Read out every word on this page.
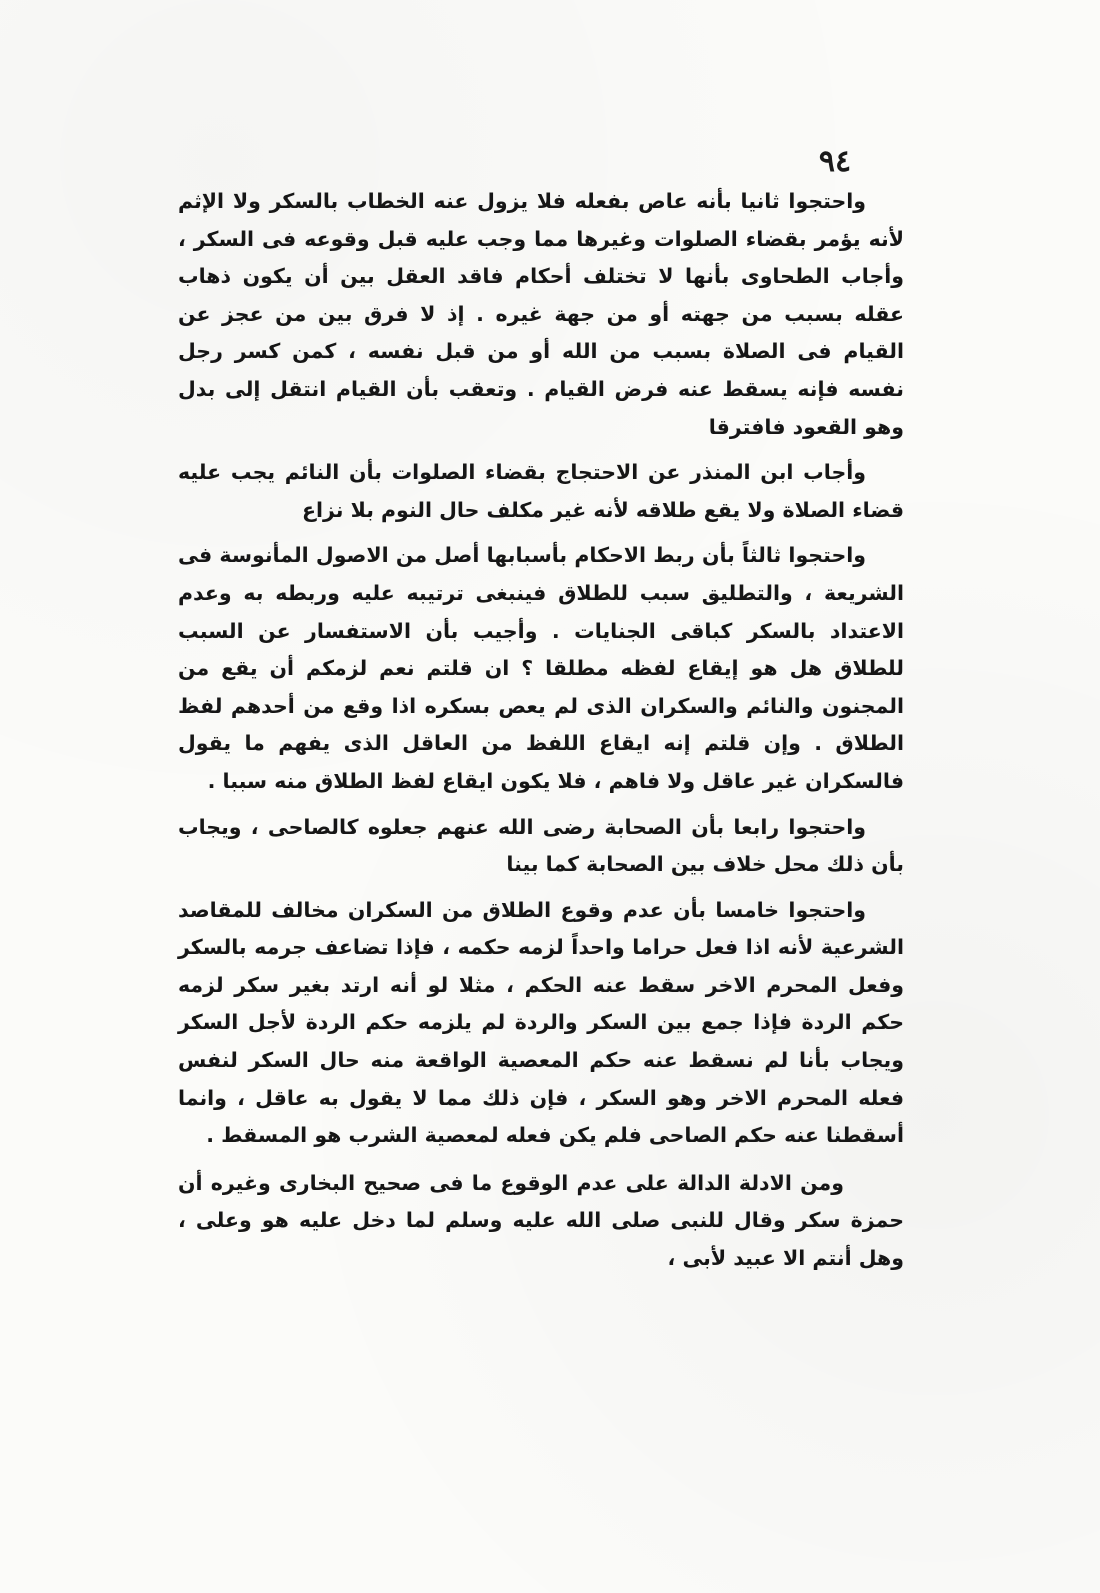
٩٤

واحتجوا ثانيا بأنه عاص بفعله فلا يزول عنه الخطاب بالسكر ولا الإثم لأنه يؤمر بقضاء الصلوات وغيرها مما وجب عليه قبل وقوعه فى السكر ، وأجاب الطحاوى بأنها لا تختلف أحكام فاقد العقل بين أن يكون ذهاب عقله بسبب من جهته أو من جهة غيره . إذ لا فرق بين من عجز عن القيام فى الصلاة بسبب من الله أو من قبل نفسه ، كمن كسر رجل نفسه فإنه يسقط عنه فرض القيام . وتعقب بأن القيام انتقل إلى بدل وهو القعود فافترقا

وأجاب ابن المنذر عن الاحتجاج بقضاء الصلوات بأن النائم يجب عليه قضاء الصلاة ولا يقع طلاقه لأنه غير مكلف حال النوم بلا نزاع

واحتجوا ثالثاً بأن ربط الاحكام بأسبابها أصل من الاصول المأنوسة فى الشريعة ، والتطليق سبب للطلاق فينبغى ترتيبه عليه وربطه به وعدم الاعتداد بالسكر كباقى الجنايات . وأجيب بأن الاستفسار عن السبب للطلاق هل هو إيقاع لفظه مطلقا ؟ ان قلتم نعم لزمكم أن يقع من المجنون والنائم والسكران الذى لم يعص بسكره اذا وقع من أحدهم لفظ الطلاق . وإن قلتم إنه ايقاع اللفظ من العاقل الذى يفهم ما يقول فالسكران غير عاقل ولا فاهم ، فلا يكون ايقاع لفظ الطلاق منه سببا .

واحتجوا رابعا بأن الصحابة رضى الله عنهم جعلوه كالصاحى ، ويجاب بأن ذلك محل خلاف بين الصحابة كما بينا

واحتجوا خامسا بأن عدم وقوع الطلاق من السكران مخالف للمقاصد الشرعية لأنه اذا فعل حراما واحداً لزمه حكمه ، فإذا تضاعف جرمه بالسكر وفعل المحرم الاخر سقط عنه الحكم ، مثلا لو أنه ارتد بغير سكر لزمه حكم الردة فإذا جمع بين السكر والردة لم يلزمه حكم الردة لأجل السكر ويجاب بأنا لم نسقط عنه حكم المعصية الواقعة منه حال السكر لنفس فعله المحرم الاخر وهو السكر ، فإن ذلك مما لا يقول به عاقل ، وانما أسقطنا عنه حكم الصاحى فلم يكن فعله لمعصية الشرب هو المسقط .

ومن الادلة الدالة على عدم الوقوع ما فى صحيح البخارى وغيره أن حمزة سكر وقال للنبى صلى الله عليه وسلم لما دخل عليه هو وعلى ، وهل أنتم الا عبيد لأبى ،
